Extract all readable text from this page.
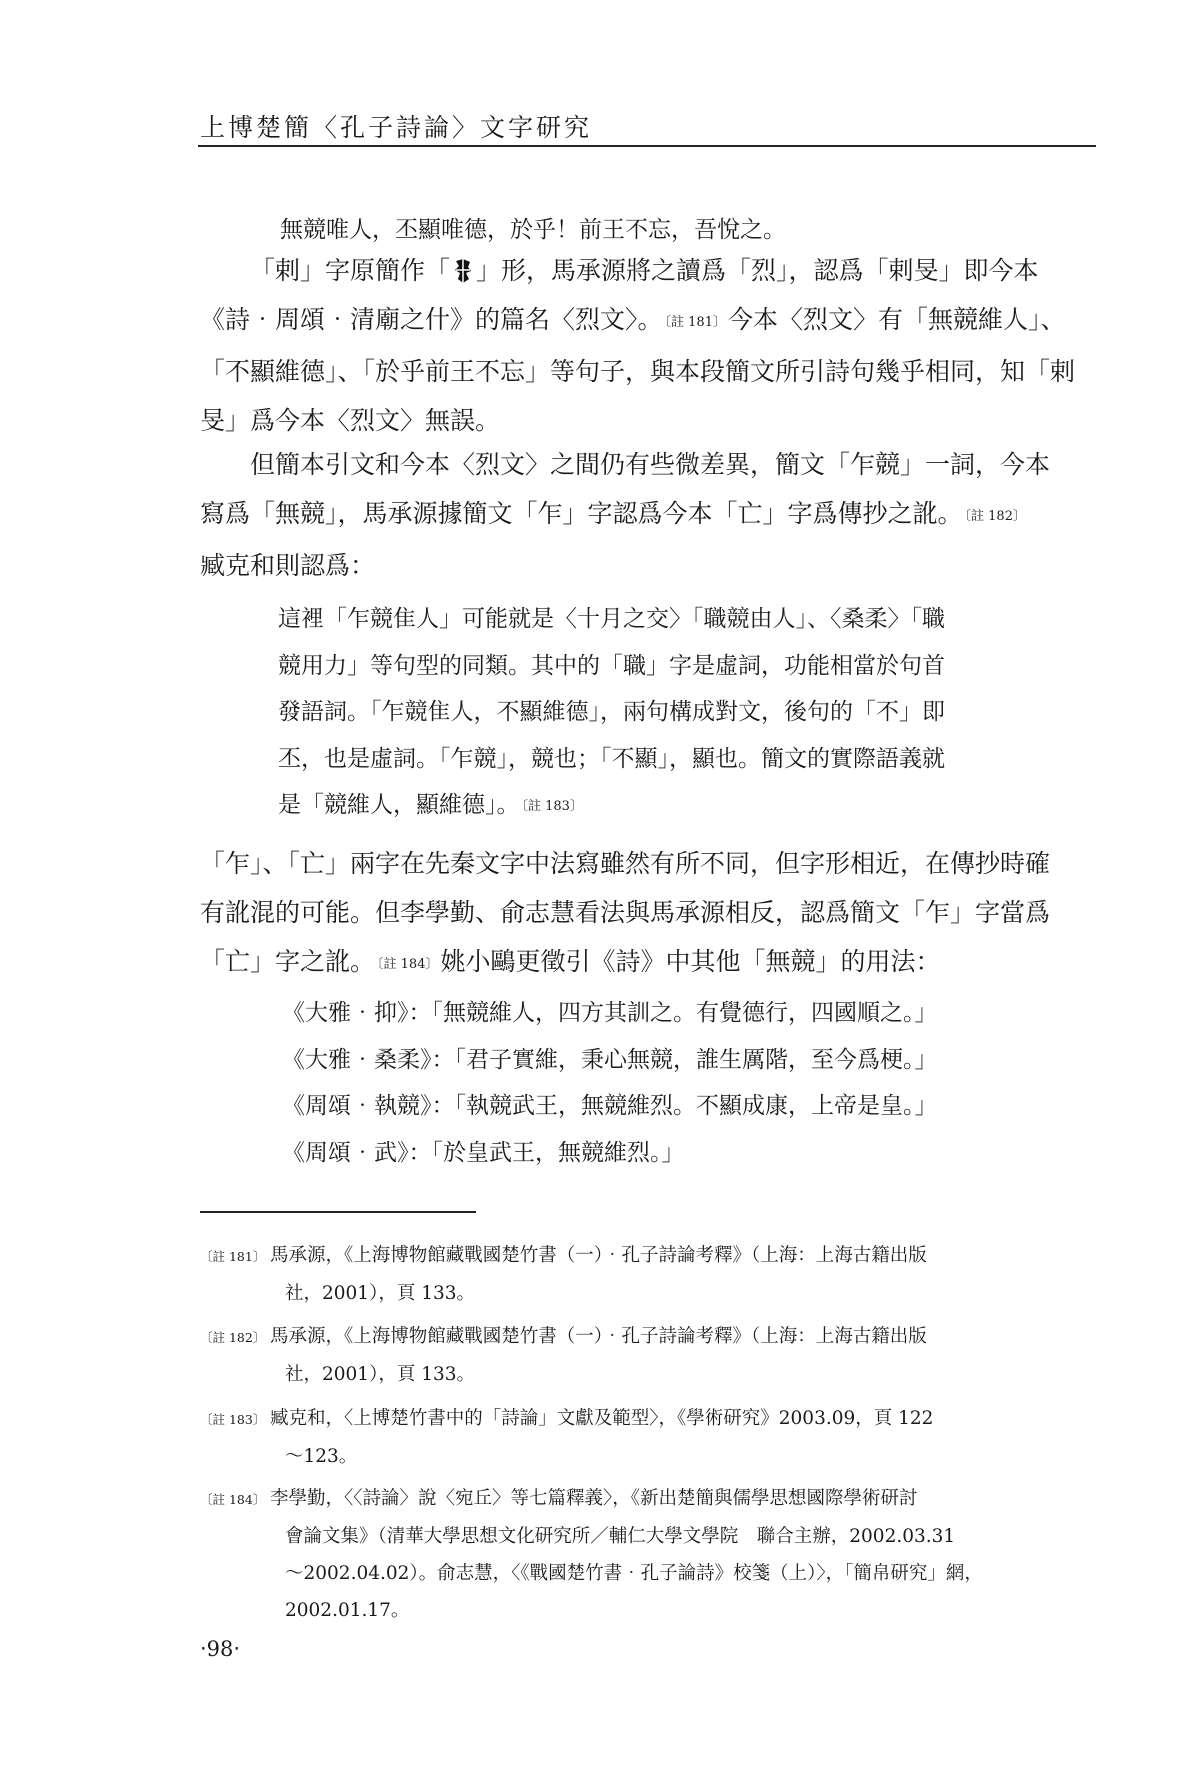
上博楚簡〈孔子詩論〉文字研究
無競唯人，丕顯唯德，於乎！前王不忘，吾悅之。
「剌」字原簡作「 」形，馬承源將之讀爲「烈」，認爲「剌旻」即今本
《詩‧周頌‧清廟之什》的篇名〈烈文〉。 〔註 181〕今本〈烈文〉有「無競維人」、
「不顯維德」、「於乎前王不忘」等句子，與本段簡文所引詩句幾乎相同，知「剌
旻」爲今本〈烈文〉無誤。
但簡本引文和今本〈烈文〉之間仍有些微差異，簡文「乍競」一詞，今本
寫爲「無競」，馬承源據簡文「乍」字認爲今本「亡」字爲傳抄之訛。 〔註 182〕
臧克和則認爲：
這裡「乍競隹人」可能就是〈十月之交〉「職競由人」、〈桑柔〉「職
競用力」等句型的同類。其中的「職」字是虛詞，功能相當於句首
發語詞。「乍競隹人，不顯維德」，兩句構成對文，後句的「不」即
丕，也是虛詞。「乍競」，競也；「不顯」，顯也。簡文的實際語義就
是「競維人，顯維德」。 〔註 183〕
「乍」、「亡」兩字在先秦文字中法寫雖然有所不同，但字形相近，在傳抄時確
有訛混的可能。但李學勤、俞志慧看法與馬承源相反，認爲簡文「乍」字當爲
「亡」字之訛。 〔註 184〕姚小鷗更徵引《詩》中其他「無競」的用法：
《大雅‧抑》：「無競維人，四方其訓之。有覺德行，四國順之。」
《大雅‧桑柔》：「君子實維，秉心無競，誰生厲階，至今爲梗。」
《周頌‧執競》：「執競武王，無競維烈。不顯成康，上帝是皇。」
《周頌‧武》：「於皇武王，無競維烈。」
〔註 181〕 馬承源，《上海博物館藏戰國楚竹書（一）‧孔子詩論考釋》（上海：上海古籍出版
社，2001），頁 133。
〔註 182〕 馬承源，《上海博物館藏戰國楚竹書（一）‧孔子詩論考釋》（上海：上海古籍出版
社，2001），頁 133。
〔註 183〕 臧克和，〈上博楚竹書中的「詩論」文獻及範型〉，《學術研究》2003.09，頁 122
～123。
〔註 184〕 李學勤，〈〈詩論〉說〈宛丘〉等七篇釋義〉，《新出楚簡與儒學思想國際學術研討
會論文集》（清華大學思想文化研究所／輔仁大學文學院　聯合主辦，2002.03.31
～2002.04.02）。俞志慧，〈《戰國楚竹書‧孔子論詩》校箋（上）〉，「簡帛研究」網，
2002.01.17。
‧98‧
